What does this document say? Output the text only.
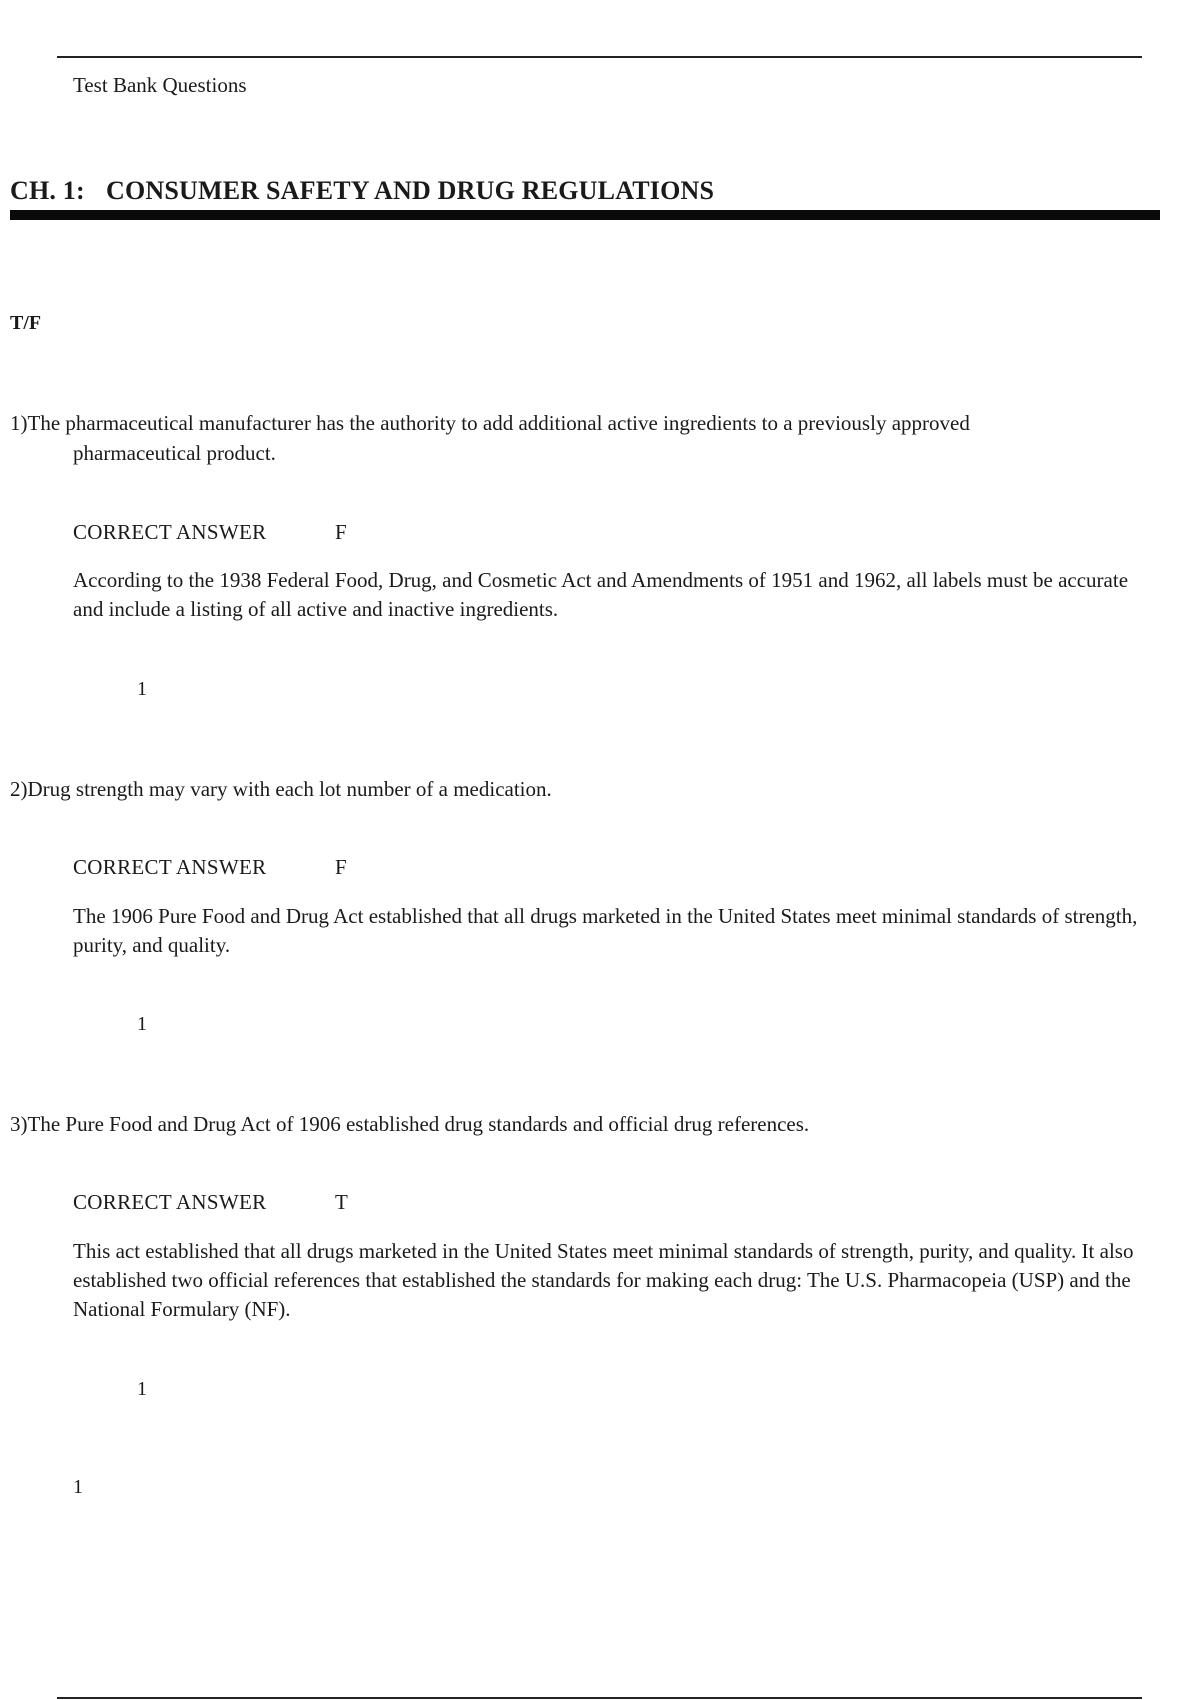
Test Bank Questions
CH. 1: CONSUMER SAFETY AND DRUG REGULATIONS
T/F
1)The pharmaceutical manufacturer has the authority to add additional active ingredients to a previously approved
pharmaceutical product.
CORRECT ANSWER	F
According to the 1938 Federal Food, Drug, and Cosmetic Act and Amendments of 1951 and 1962, all labels must be accurate and include a listing of all active and inactive ingredients.
1
2)Drug strength may vary with each lot number of a medication.
CORRECT ANSWER	F
The 1906 Pure Food and Drug Act established that all drugs marketed in the United States meet minimal standards of strength, purity, and quality.
1
3)The Pure Food and Drug Act of 1906 established drug standards and official drug references.
CORRECT ANSWER	T
This act established that all drugs marketed in the United States meet minimal standards of strength, purity, and quality. It also established two official references that established the standards for making each drug: The U.S. Pharmacopeia (USP) and the National Formulary (NF).
1
1
